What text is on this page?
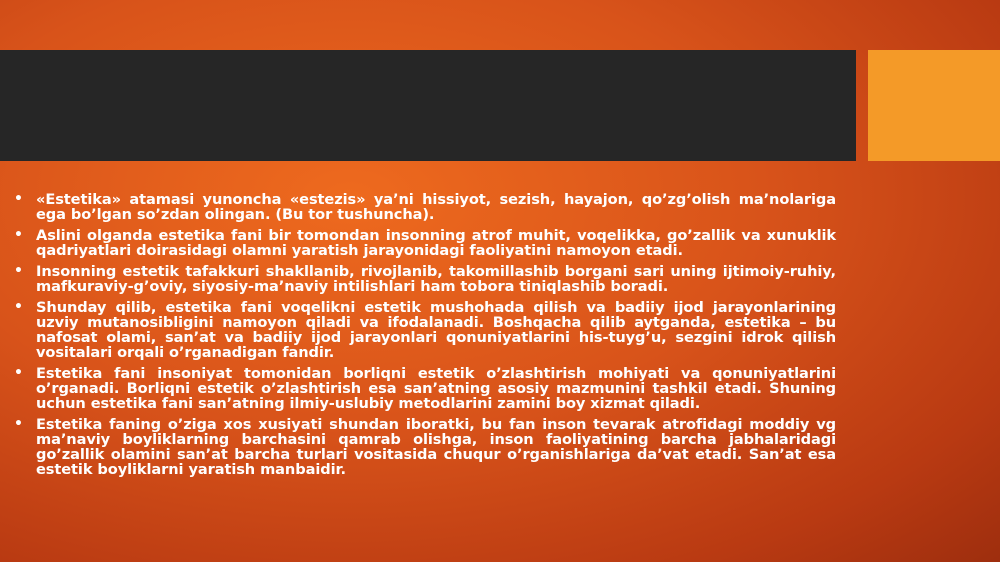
• «Estetika» atamasi yunoncha «estezis» ya’ni hissiyot, sezish, hayajon, qo’zg’olish ma’nolariga ega bo’lgan so’zdan olingan. (Bu tor tushuncha).
• Aslini olganda estetika fani bir tomondan insonning atrof muhit, voqelikka, go’zallik va xunuklik qadriyatlari doirasidagi olamni yaratish jarayonidagi faoliyatini namoyon etadi.
• Insonning estetik tafakkuri shakllanib, rivojlanib, takomillashib borgani sari uning ijtimoiy-ruhiy, mafkuraviy-g’oviy, siyosiy-ma’naviy intilishlari ham tobora tiniqlashib boradi.
• Shunday qilib, estetika fani voqelikni estetik mushohada qilish va badiiy ijod jarayonlarining uzviy mutanosibligini namoyon qiladi va ifodalanadi. Boshqacha qilib aytganda, estetika – bu nafosat olami, san’at va badiiy ijod jarayonlari qonuniyatlarini his-tuyg’u, sezgini idrok qilish vositalari orqali o’rganadigan fandir.
• Estetika fani insoniyat tomonidan borliqni estetik o’zlashtirish mohiyati va qonuniyatlarini o’rganadi. Borliqni estetik o’zlashtirish esa san’atning asosiy mazmunini tashkil etadi. Shuning uchun estetika fani san’atning ilmiy-uslubiy metodlarini zamini boy xizmat qiladi.
• Estetika faning o’ziga xos xusiyati shundan iboratki, bu fan inson tevarak atrofidagi moddiy vg ma’naviy boyliklarning barchasini qamrab olishga, inson faoliyatining barcha jabhalaridagi go’zallik olamini san’at barcha turlari vositasida chuqur o’rganishlariga da’vat etadi. San’at esa estetik boyliklarni yaratish manbaidir.
